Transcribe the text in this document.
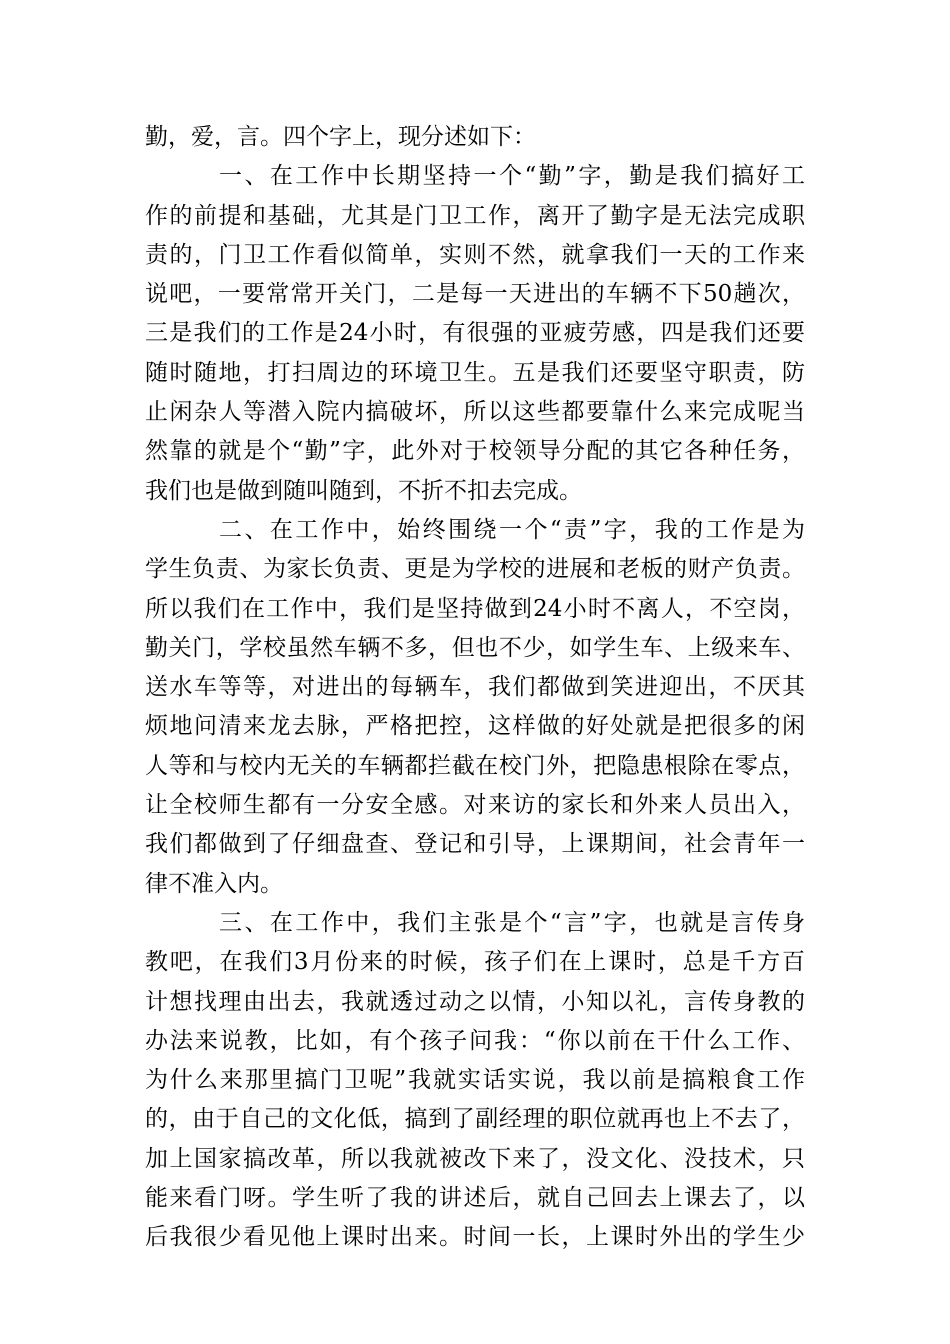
勤，爱，言。四个字上，现分述如下：
一、在工作中长期坚持一个“勤”字，勤是我们搞好工
作的前提和基础，尤其是门卫工作，离开了勤字是无法完成职
责的，门卫工作看似简单，实则不然，就拿我们一天的工作来
说吧，一要常常开关门，二是每一天进出的车辆不下50趟次，
三是我们的工作是24小时，有很强的亚疲劳感，四是我们还要
随时随地，打扫周边的环境卫生。五是我们还要坚守职责，防
止闲杂人等潜入院内搞破坏，所以这些都要靠什么来完成呢当
然靠的就是个“勤”字，此外对于校领导分配的其它各种任务，
我们也是做到随叫随到，不折不扣去完成。
二、在工作中，始终围绕一个“责”字，我的工作是为
学生负责、为家长负责、更是为学校的进展和老板的财产负责。
所以我们在工作中，我们是坚持做到24小时不离人，不空岗，
勤关门，学校虽然车辆不多，但也不少，如学生车、上级来车、
送水车等等，对进出的每辆车，我们都做到笑进迎出，不厌其
烦地问清来龙去脉，严格把控，这样做的好处就是把很多的闲
人等和与校内无关的车辆都拦截在校门外，把隐患根除在零点，
让全校师生都有一分安全感。对来访的家长和外来人员出入，
我们都做到了仔细盘查、登记和引导，上课期间，社会青年一
律不准入内。
三、在工作中，我们主张是个“言”字，也就是言传身
教吧，在我们3月份来的时候，孩子们在上课时，总是千方百
计想找理由出去，我就透过动之以情，小知以礼，言传身教的
办法来说教，比如，有个孩子问我：“你以前在干什么工作、
为什么来那里搞门卫呢”我就实话实说，我以前是搞粮食工作
的，由于自己的文化低，搞到了副经理的职位就再也上不去了，
加上国家搞改革，所以我就被改下来了，没文化、没技术，只
能来看门呀。学生听了我的讲述后，就自己回去上课去了，以
后我很少看见他上课时出来。时间一长，上课时外出的学生少
